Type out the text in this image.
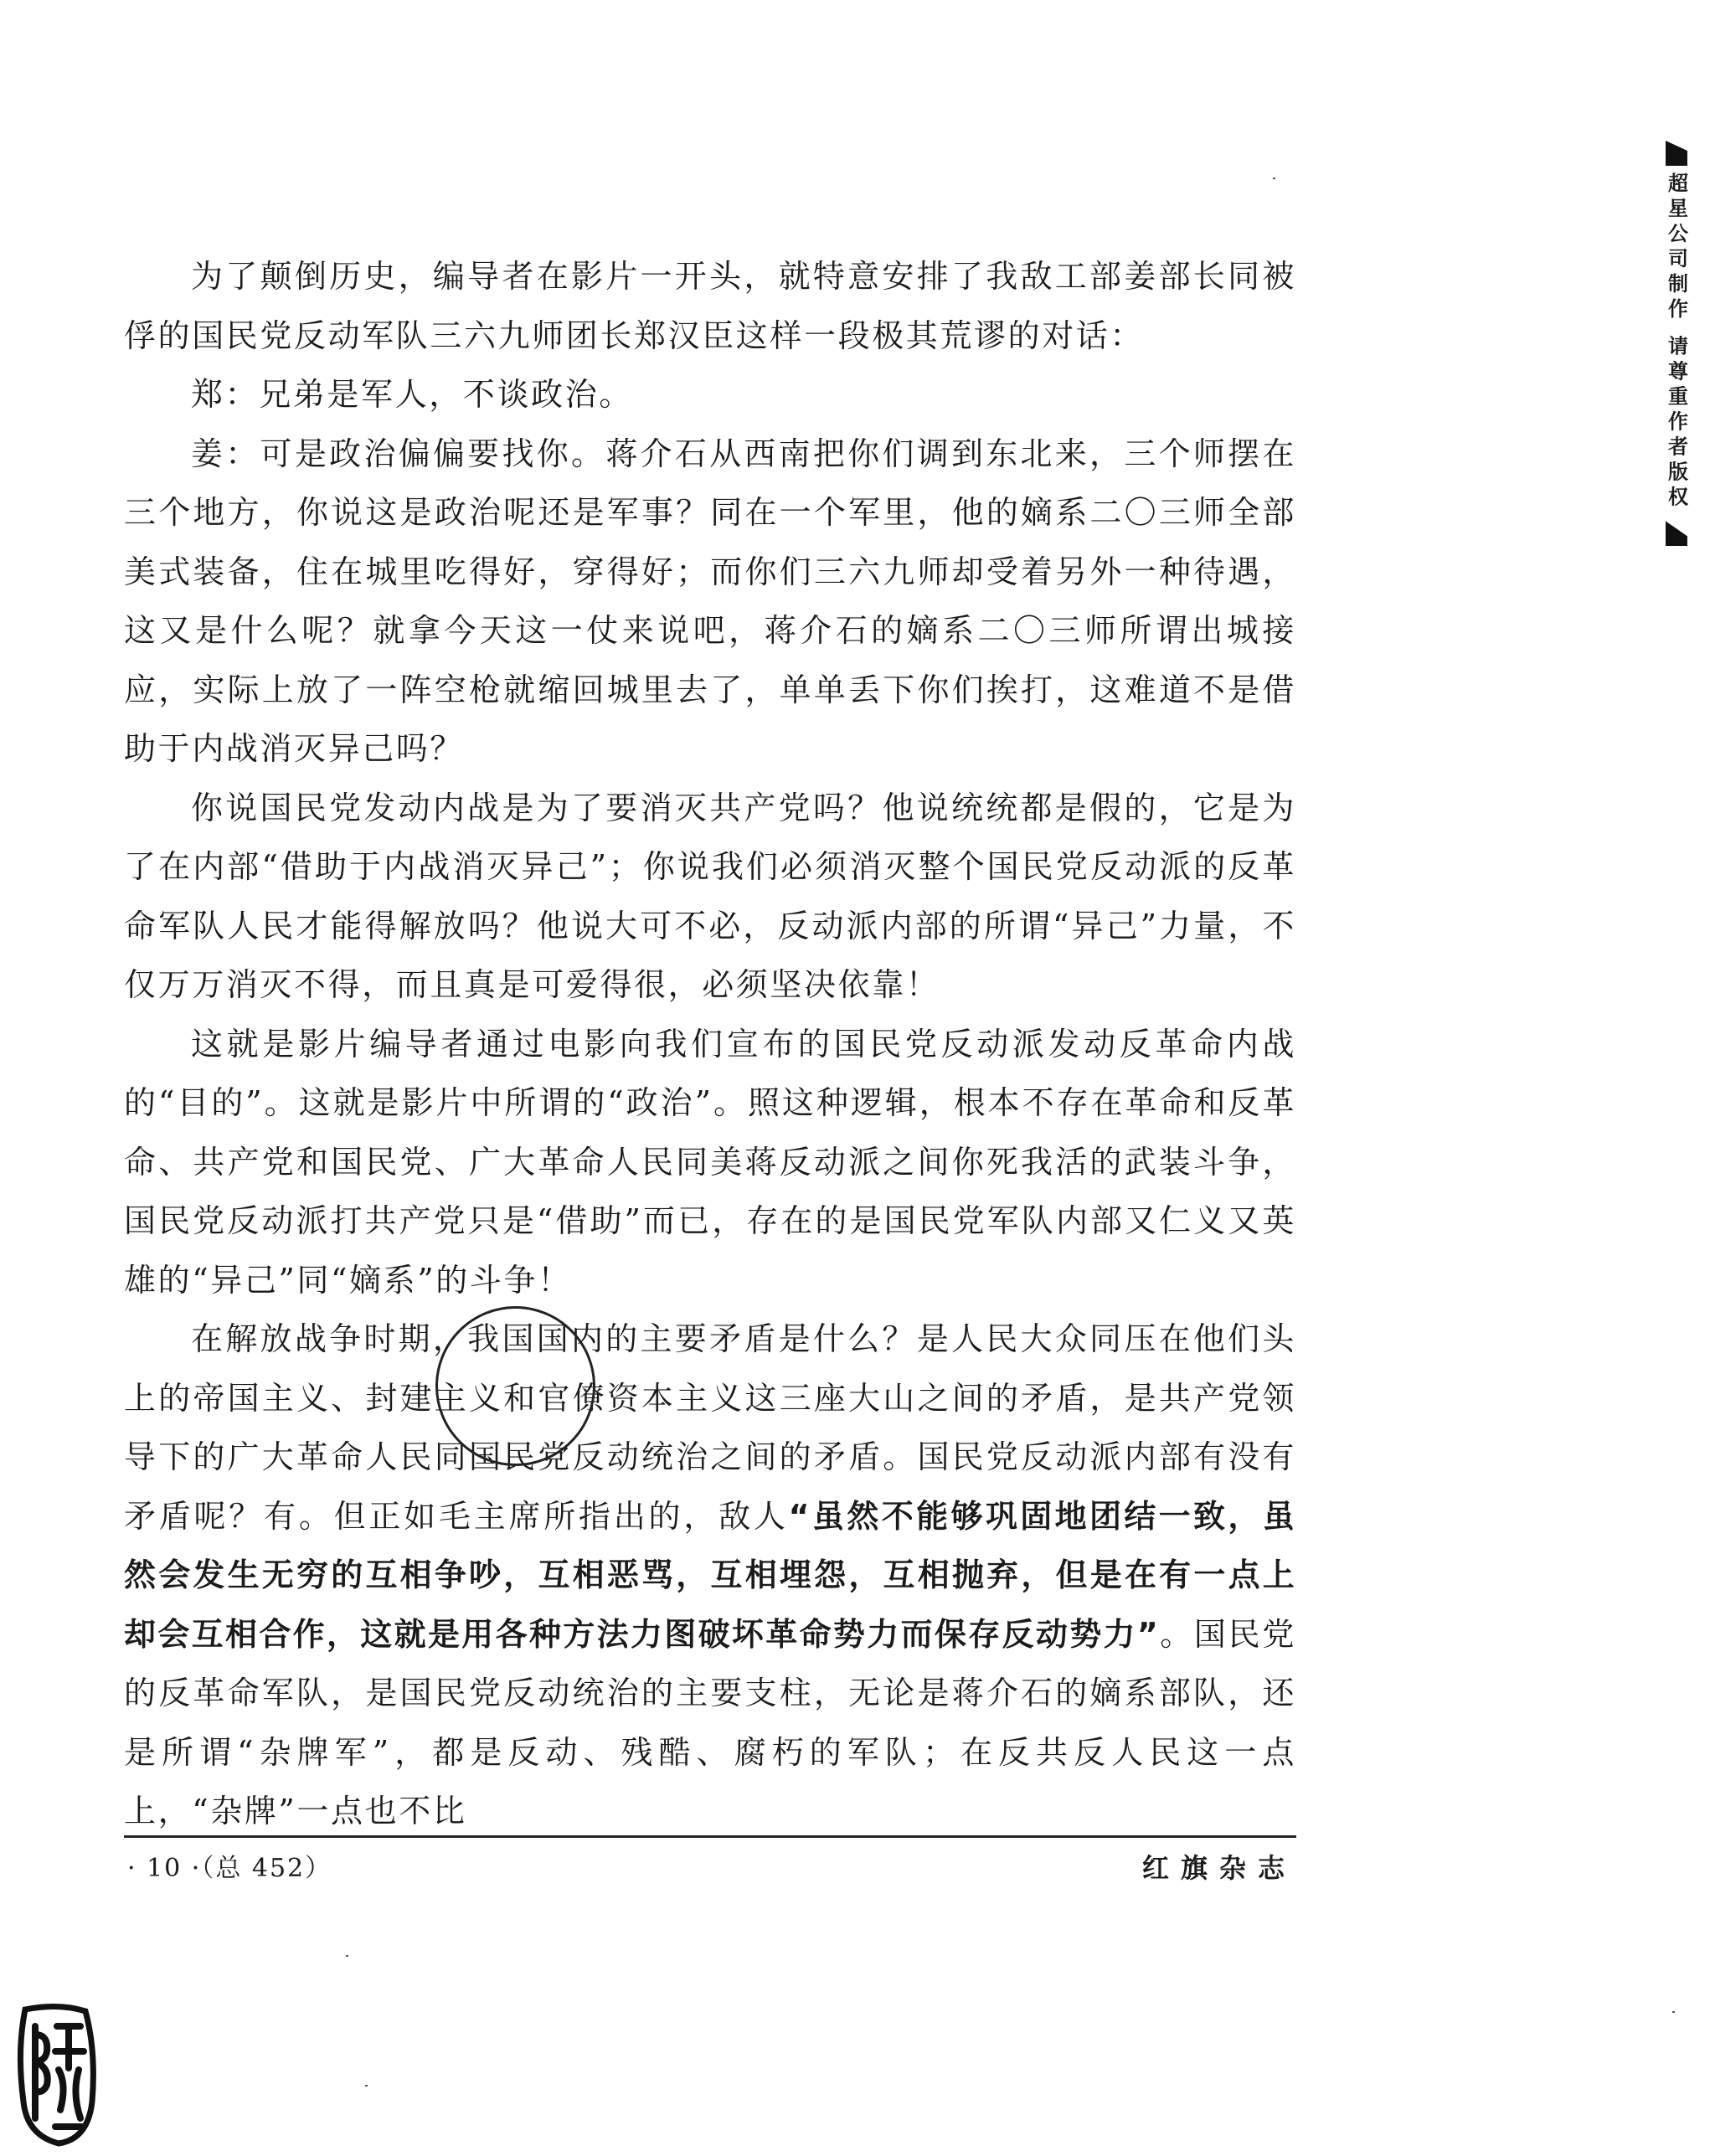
为了颠倒历史，编导者在影片一开头，就特意安排了我敌工部姜部长同被俘的国民党反动军队三六九师团长郑汉臣这样一段极其荒谬的对话：

郑：兄弟是军人，不谈政治。

姜：可是政治偏偏要找你。蒋介石从西南把你们调到东北来，三个师摆在三个地方，你说这是政治呢还是军事？同在一个军里，他的嫡系二〇三师全部美式装备，住在城里吃得好，穿得好；而你们三六九师却受着另外一种待遇，这又是什么呢？就拿今天这一仗来说吧，蒋介石的嫡系二〇三师所谓出城接应，实际上放了一阵空枪就缩回城里去了，单单丢下你们挨打，这难道不是借助于内战消灭异己吗？

你说国民党发动内战是为了要消灭共产党吗？他说统统都是假的，它是为了在内部“借助于内战消灭异己”；你说我们必须消灭整个国民党反动派的反革命军队人民才能得解放吗？他说大可不必，反动派内部的所谓“异己”力量，不仅万万消灭不得，而且真是可爱得很，必须坚决依靠！

这就是影片编导者通过电影向我们宣布的国民党反动派发动反革命内战的“目的”。这就是影片中所谓的“政治”。照这种逻辑，根本不存在革命和反革命、共产党和国民党、广大革命人民同美蒋反动派之间你死我活的武装斗争，国民党反动派打共产党只是“借助”而已，存在的是国民党军队内部又仁义又英雄的“异己”同“嫡系”的斗争！

在解放战争时期，我国国内的主要矛盾是什么？是人民大众同压在他们头上的帝国主义、封建主义和官僚资本主义这三座大山之间的矛盾，是共产党领导下的广大革命人民同国民党反动统治之间的矛盾。国民党反动派内部有没有矛盾呢？有。但正如毛主席所指出的，敌人“虽然不能够巩固地团结一致，虽然会发生无穷的互相争吵，互相恶骂，互相埋怨，互相抛弃，但是在有一点上却会互相合作，这就是用各种方法力图破坏革命势力而保存反动势力”。国民党的反革命军队，是国民党反动统治的主要支柱，无论是蒋介石的嫡系部队，还是所谓“杂牌军”，都是反动、残酷、腐朽的军队；在反共反人民这一点上，“杂牌”一点也不比

· 10 ·（总 452）	红旗杂志
超星公司制作 请尊重作者版权
